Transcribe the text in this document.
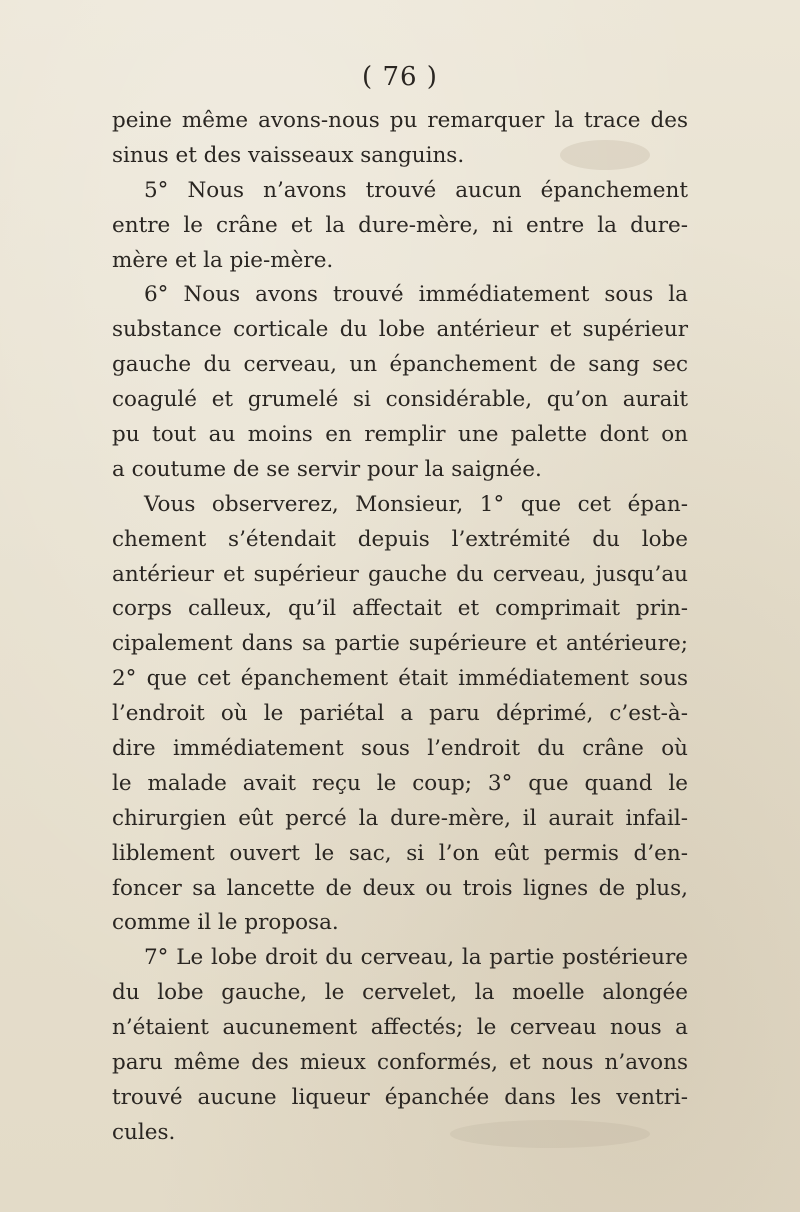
( 76 )
peine même avons-nous pu remarquer la trace des
sinus et des vaisseaux sanguins.
5° Nous n’avons trouvé aucun épanchement
entre le crâne et la dure-mère, ni entre la dure-
mère et la pie-mère.
6° Nous avons trouvé immédiatement sous la
substance corticale du lobe antérieur et supérieur
gauche du cerveau, un épanchement de sang sec
coagulé et grumelé si considérable, qu’on aurait
pu tout au moins en remplir une palette dont on
a coutume de se servir pour la saignée.
Vous observerez, Monsieur, 1° que cet épan-
chement s’étendait depuis l’extrémité du lobe
antérieur et supérieur gauche du cerveau, jusqu’au
corps calleux, qu’il affectait et comprimait prin-
cipalement dans sa partie supérieure et antérieure;
2° que cet épanchement était immédiatement sous
l’endroit où le pariétal a paru déprimé, c’est-à-
dire immédiatement sous l’endroit du crâne où
le malade avait reçu le coup; 3° que quand le
chirurgien eût percé la dure-mère, il aurait infail-
liblement ouvert le sac, si l’on eût permis d’en-
foncer sa lancette de deux ou trois lignes de plus,
comme il le proposa.
7° Le lobe droit du cerveau, la partie postérieure
du lobe gauche, le cervelet, la moelle alongée
n’étaient aucunement affectés; le cerveau nous a
paru même des mieux conformés, et nous n’avons
trouvé aucune liqueur épanchée dans les ventri-
cules.
